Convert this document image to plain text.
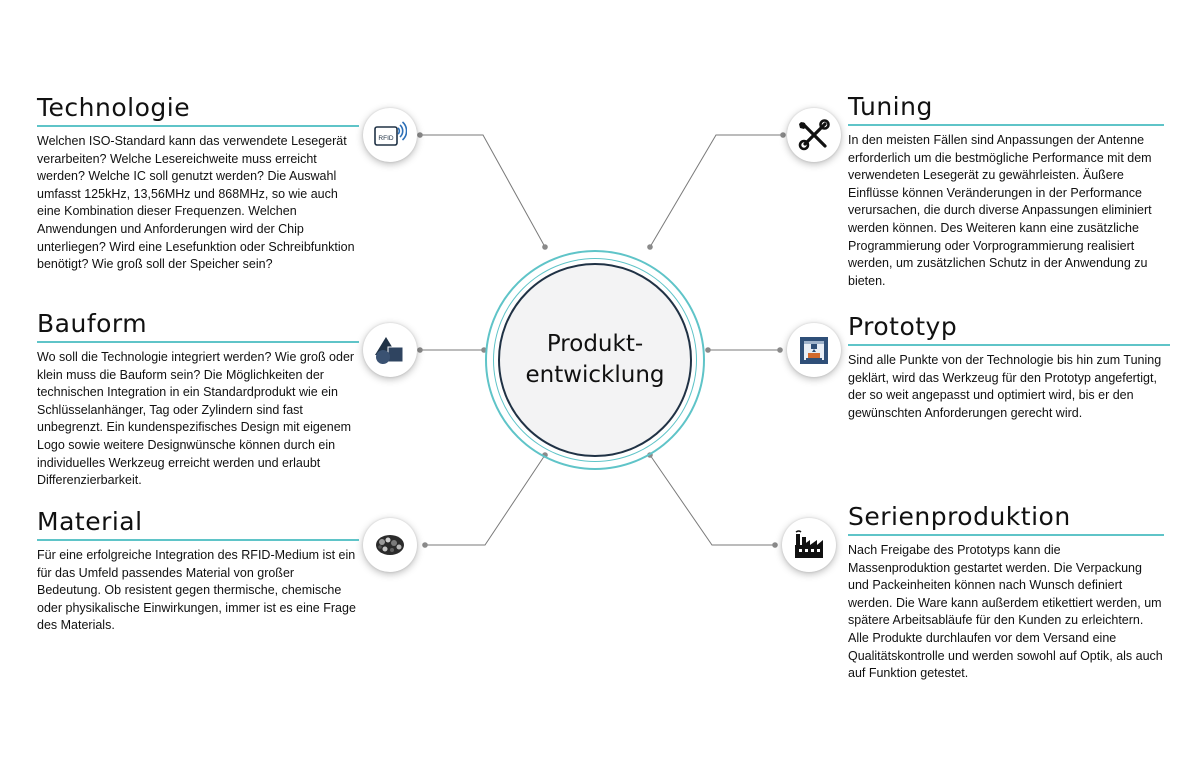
Produkt-
entwicklung
RFID
Technologie

Welchen ISO-Standard kann das verwendete Lesegerät verarbeiten? Welche Lesereichweite muss erreicht werden? Welche IC soll genutzt werden? Die Auswahl umfasst 125kHz, 13,56MHz und 868MHz, so wie auch eine Kombination dieser Frequenzen. Welchen Anwendungen und Anforderungen wird der Chip unterliegen? Wird eine Lesefunktion oder Schreibfunktion benötigt? Wie groß soll der Speicher sein?

Bauform

Wo soll die Technologie integriert werden? Wie groß oder klein muss die Bauform sein? Die Möglichkeiten der technischen Integration in ein Standardprodukt wie ein Schlüsselanhänger, Tag oder Zylindern sind fast unbegrenzt. Ein kundenspezifisches Design mit eigenem Logo sowie weitere Designwünsche können durch ein individuelles Werkzeug erreicht werden und erlaubt Differenzierbarkeit.

Material

Für eine erfolgreiche Integration des RFID-Medium ist ein für das Umfeld passendes Material von großer Bedeutung. Ob resistent gegen thermische, chemische oder physikalische Einwirkungen, immer ist es eine Frage des Materials.

Tuning

In den meisten Fällen sind Anpassungen der Antenne erforderlich um die bestmögliche Performance mit dem verwendeten Lesegerät zu gewährleisten. Äußere Einflüsse können Veränderungen in der Performance verursachen, die durch diverse Anpassungen eliminiert werden können. Des Weiteren kann eine zusätzliche Programmierung oder Vorprogrammierung realisiert werden, um zusätzlichen Schutz in der Anwendung zu bieten.

Prototyp

Sind alle Punkte von der Technologie bis hin zum Tuning geklärt, wird das Werkzeug für den Prototyp angefertigt, der so weit angepasst und optimiert wird, bis er den gewünschten Anforderungen gerecht wird.

Serienproduktion

Nach Freigabe des Prototyps kann die Massenproduktion gestartet werden. Die Verpackung und Packeinheiten können nach Wunsch definiert werden. Die Ware kann außerdem etikettiert werden, um spätere Arbeitsabläufe für den Kunden zu erleichtern. Alle Produkte durchlaufen vor dem Versand eine Qualitätskontrolle und werden sowohl auf Optik, als auch auf Funktion getestet.
